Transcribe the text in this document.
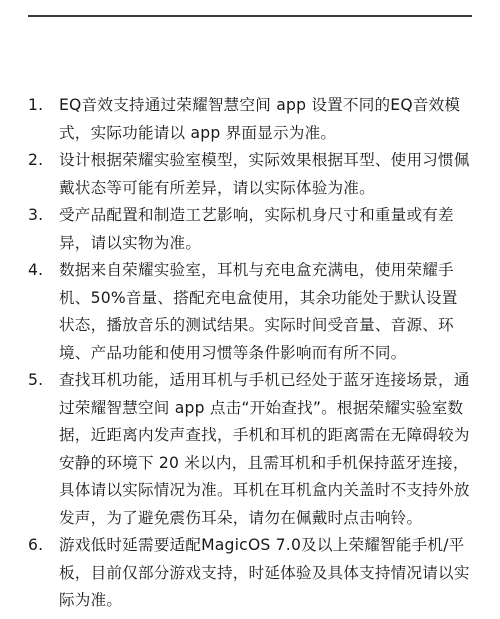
1. EQ音效支持通过荣耀智慧空间 app 设置不同的EQ音效模式，实际功能请以 app 界面显示为准。
2. 设计根据荣耀实验室模型，实际效果根据耳型、使用习惯佩戴状态等可能有所差异，请以实际体验为准。
3. 受产品配置和制造工艺影响，实际机身尺寸和重量或有差异，请以实物为准。
4. 数据来自荣耀实验室，耳机与充电盒充满电，使用荣耀手机、50%音量、搭配充电盒使用，其余功能处于默认设置状态，播放音乐的测试结果。实际时间受音量、音源、环境、产品功能和使用习惯等条件影响而有所不同。
5. 查找耳机功能，适用耳机与手机已经处于蓝牙连接场景，通过荣耀智慧空间 app 点击“开始查找”。根据荣耀实验室数据，近距离内发声查找，手机和耳机的距离需在无障碍较为安静的环境下 20 米以内，且需耳机和手机保持蓝牙连接，具体请以实际情况为准。耳机在耳机盒内关盖时不支持外放发声，为了避免震伤耳朵，请勿在佩戴时点击响铃。
6. 游戏低时延需要适配MagicOS 7.0及以上荣耀智能手机/平板，目前仅部分游戏支持，时延体验及具体支持情况请以实际为准。
